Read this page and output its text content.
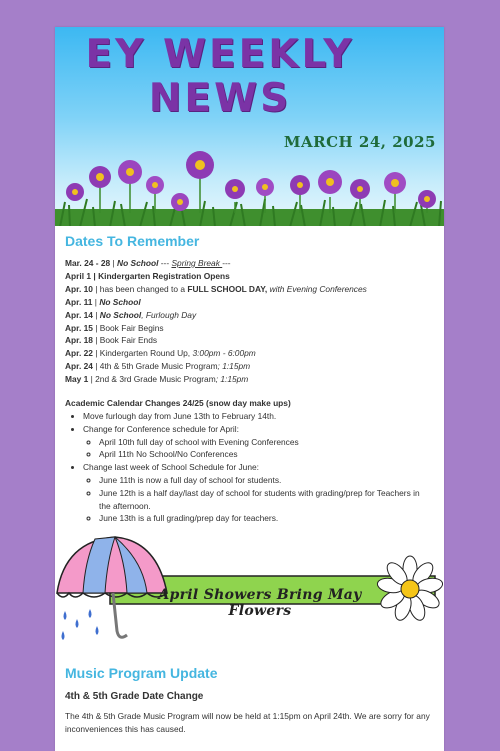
EY WEEKLY
NEWS
MARCH 24, 2025
Dates To Remember
Mar. 24 - 28 | No School --- Spring Break ---
April 1 | Kindergarten Registration Opens
Apr. 10 | has been changed to a FULL SCHOOL DAY, with Evening Conferences
Apr. 11 | No School
Apr. 14 | No School, Furlough Day
Apr. 15 | Book Fair Begins
Apr. 18 | Book Fair Ends
Apr. 22 | Kindergarten Round Up, 3:00pm - 6:00pm
Apr. 24 | 4th & 5th Grade Music Program; 1:15pm
May 1 | 2nd & 3rd Grade Music Program; 1:15pm
Academic Calendar Changes 24/25 (snow day make ups)
• Move furlough day from June 13th to February 14th.
• Change for Conference schedule for April:
◦ April 10th full day of school with Evening Conferences
◦ April 11th No School/No Conferences
• Change last week of School Schedule for June:
◦ June 11th is now a full day of school for students.
◦ June 12th is a half day/last day of school for students with grading/prep for Teachers in
the afternoon.
◦ June 13th is a full grading/prep day for teachers.
April Showers Bring May Flowers
Music Program Update
4th & 5th Grade Date Change
The 4th & 5th Grade Music Program will now be held at 1:15pm on April 24th. We are sorry for any
inconveniences this has caused.
